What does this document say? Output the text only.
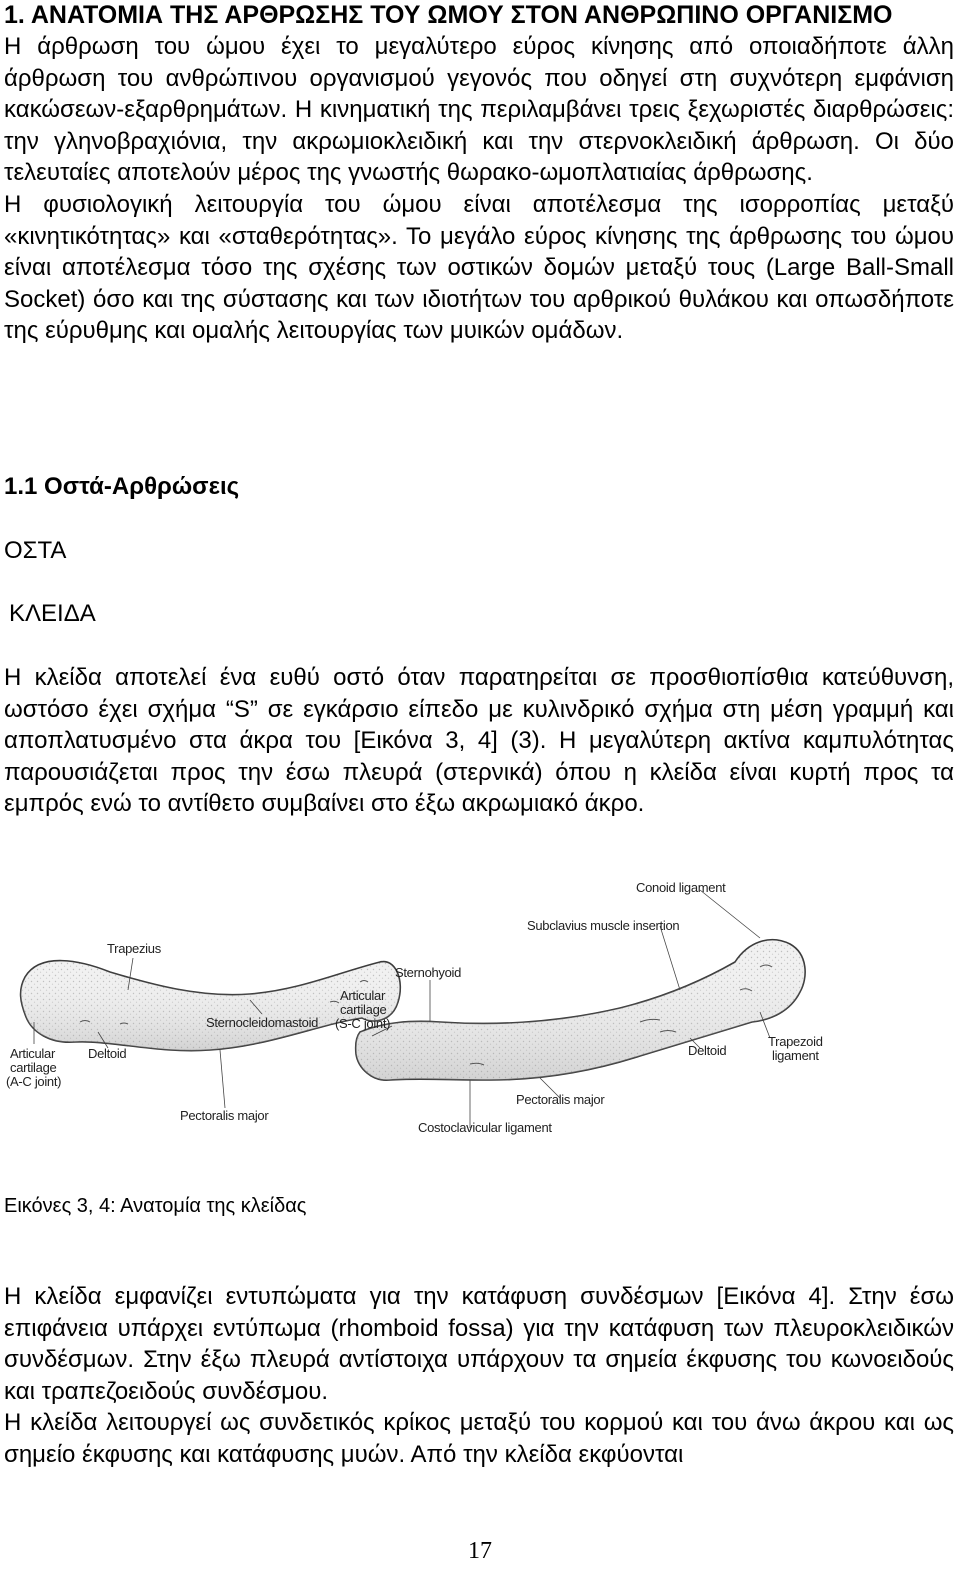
1. ΑΝΑΤΟΜΙΑ ΤΗΣ ΑΡΘΡΩΣΗΣ ΤΟΥ ΩΜΟΥ ΣΤΟΝ ΑΝΘΡΩΠΙΝΟ ΟΡΓΑΝΙΣΜΟ

Η άρθρωση του ώμου έχει το μεγαλύτερο εύρος κίνησης από οποιαδήποτε άλλη άρθρωση του ανθρώπινου οργανισμού γεγονός που οδηγεί στη συχνότερη εμφάνιση κακώσεων-εξαρθρημάτων. Η κινηματική της περιλαμβάνει τρεις ξεχωριστές διαρθρώσεις: την γληνοβραχιόνια, την ακρωμιοκλειδική και την στερνοκλειδική άρθρωση. Οι δύο τελευταίες αποτελούν μέρος της γνωστής θωρακο-ωμοπλατιαίας άρθρωσης.

Η φυσιολογική λειτουργία του ώμου είναι αποτέλεσμα της ισορροπίας μεταξύ «κινητικότητας» και «σταθερότητας». Το μεγάλο εύρος κίνησης της άρθρωσης του ώμου είναι αποτέλεσμα τόσο της σχέσης των οστικών δομών μεταξύ τους (Large Ball-Small Socket) όσο και της σύστασης και των ιδιοτήτων του αρθρικού θυλάκου και οπωσδήποτε της εύρυθμης και ομαλής λειτουργίας των μυικών ομάδων.

1.1 Οστά-Αρθρώσεις

ΟΣΤΑ

ΚΛΕΙΔΑ

Η κλείδα αποτελεί ένα ευθύ οστό όταν παρατηρείται σε προσθιοπίσθια κατεύθυνση, ωστόσο έχει σχήμα “S” σε εγκάρσιο είπεδο με κυλινδρικό σχήμα στη μέση γραμμή και αποπλατυσμένο στα άκρα του [Εικόνα 3, 4] (3). Η μεγαλύτερη ακτίνα καμπυλότητας παρουσιάζεται προς την έσω πλευρά (στερνικά) όπου η κλείδα είναι κυρτή προς τα εμπρός ενώ το αντίθετο συμβαίνει στο έξω ακρωμιακό άκρο.

Εικόνες 3, 4: Ανατομία της κλείδας

Η κλείδα εμφανίζει εντυπώματα για την κατάφυση συνδέσμων [Εικόνα 4]. Στην έσω επιφάνεια υπάρχει εντύπωμα (rhomboid fossa) για την κατάφυση των πλευροκλειδικών συνδέσμων. Στην έξω πλευρά αντίστοιχα υπάρχουν τα σημεία έκφυσης του κωνοειδούς και τραπεζοειδούς συνδέσμου.

Η κλείδα λειτουργεί ως συνδετικός κρίκος μεταξύ του κορμού και του άνω άκρου και ως σημείο έκφυσης και κατάφυσης μυών. Από την κλείδα εκφύονται

Trapezius
Sternocleidomastoid
Articular
cartilage
(A-C joint)
Deltoid
Pectoralis major
Conoid ligament
Subclavius muscle insertion
Sternohyoid
Articular
cartilage
(S-C joint)
Deltoid
Trapezoid
ligament
Pectoralis major
Costoclavicular ligament
17
